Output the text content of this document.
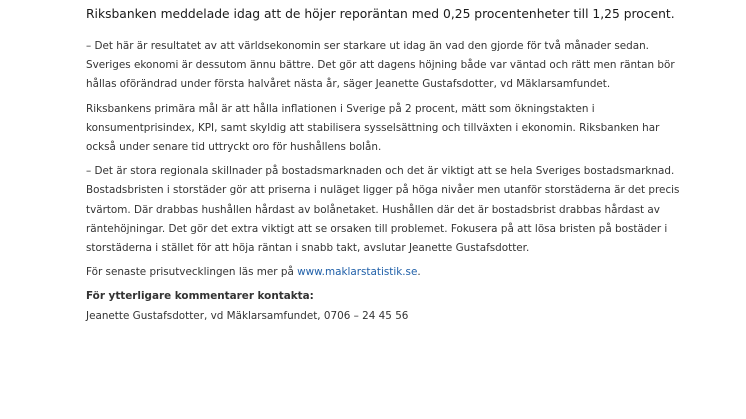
Riksbanken meddelade idag att de höjer reporäntan med 0,25 procentenheter till 1,25 procent.

– Det här är resultatet av att världsekonomin ser starkare ut idag än vad den gjorde för två månader sedan. Sveriges ekonomi är dessutom ännu bättre. Det gör att dagens höjning både var väntad och rätt men räntan bör hållas oförändrad under första halvåret nästa år, säger Jeanette Gustafsdotter, vd Mäklarsamfundet.

Riksbankens primära mål är att hålla inflationen i Sverige på 2 procent, mätt som ökningstakten i konsumentprisindex, KPI, samt skyldig att stabilisera sysselsättning och tillväxten i ekonomin. Riksbanken har också under senare tid uttryckt oro för hushållens bolån.

– Det är stora regionala skillnader på bostadsmarknaden och det är viktigt att se hela Sveriges bostadsmarknad. Bostadsbristen i storstäder gör att priserna i nuläget ligger på höga nivåer men utanför storstäderna är det precis tvärtom. Där drabbas hushållen hårdast av bolånetaket. Hushållen där det är bostadsbrist drabbas hårdast av räntehöjningar. Det gör det extra viktigt att se orsaken till problemet. Fokusera på att lösa bristen på bostäder i storstäderna i stället för att höja räntan i snabb takt, avslutar Jeanette Gustafsdotter.

För senaste prisutvecklingen läs mer på www.maklarstatistik.se.

För ytterligare kommentarer kontakta:
Jeanette Gustafsdotter, vd Mäklarsamfundet, 0706 – 24 45 56
